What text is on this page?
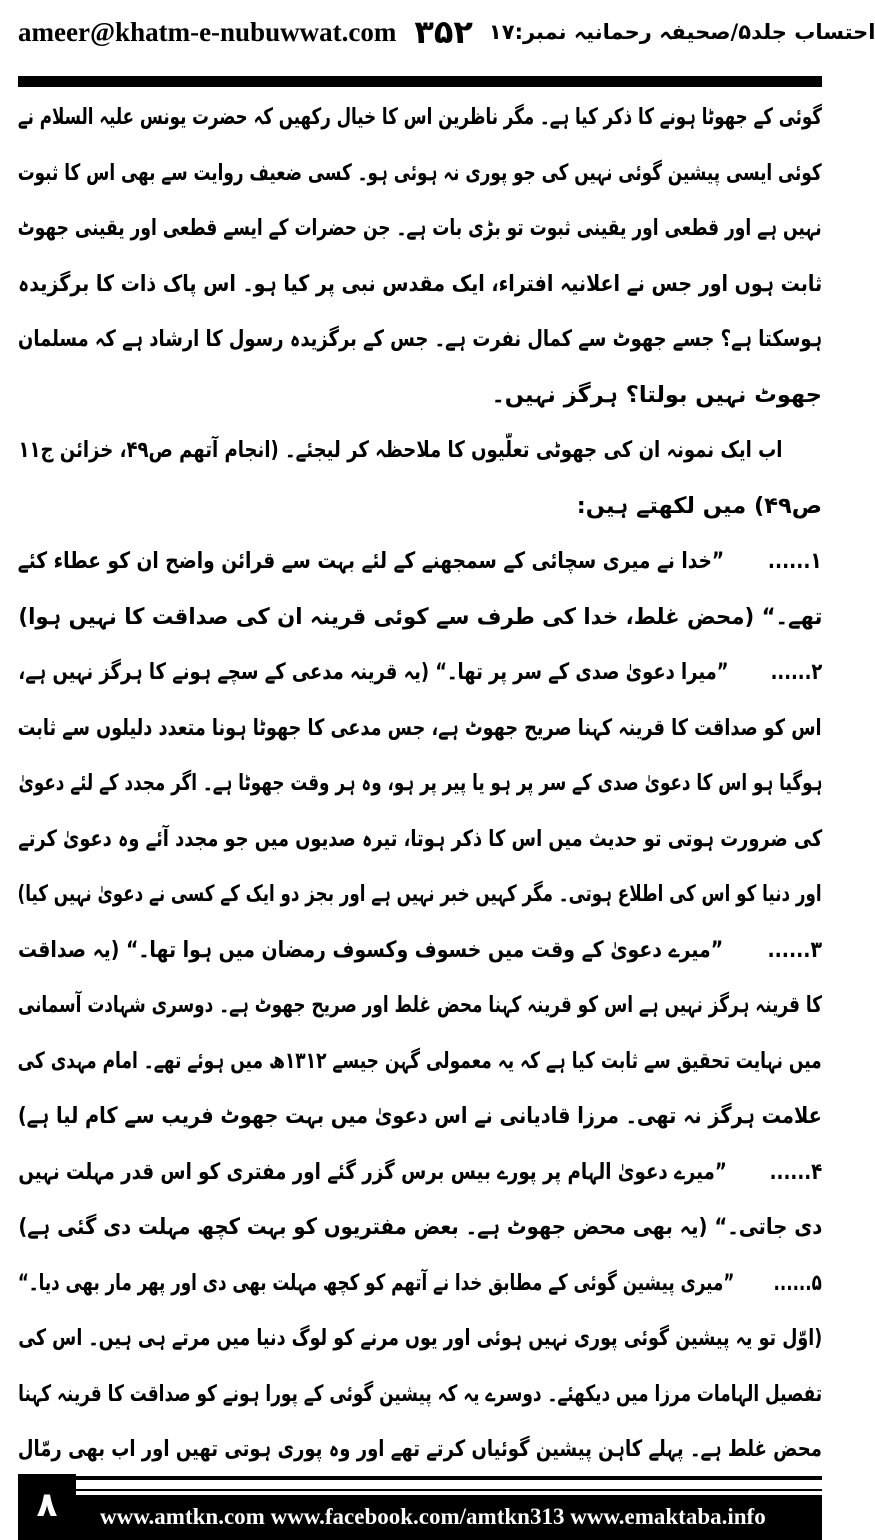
ameer@khatm-e-nubuwwat.com ۳۵۲ احتساب جلد۵/صحیفہ رحمانیہ نمبر:۱۷
گوئی کے جھوٹا ہونے کا ذکر کیا ہے۔ مگر ناظرین اس کا خیال رکھیں کہ حضرت یونس علیہ السلام نے
کوئی ایسی پیشین گوئی نہیں کی جو پوری نہ ہوئی ہو۔ کسی ضعیف روایت سے بھی اس کا ثبوت
نہیں ہے اور قطعی اور یقینی ثبوت تو بڑی بات ہے۔ جن حضرات کے ایسے قطعی اور یقینی جھوٹ
ثابت ہوں اور جس نے اعلانیہ افتراء، ایک مقدس نبی پر کیا ہو۔ اس پاک ذات کا برگزیدہ
ہوسکتا ہے؟ جسے جھوٹ سے کمال نفرت ہے۔ جس کے برگزیدہ رسول کا ارشاد ہے کہ مسلمان
جھوٹ نہیں بولتا؟ ہرگز نہیں۔
اب ایک نمونہ ان کی جھوٹی تعلّیوں کا ملاحظہ کر لیجئے۔ (انجام آتھم ص۴۹، خزائن ج۱۱
ص۴۹) میں لکھتے ہیں:
۱...... ”خدا نے میری سچائی کے سمجھنے کے لئے بہت سے قرائن واضح ان کو عطاء کئے
تھے۔“ (محض غلط، خدا کی طرف سے کوئی قرینہ ان کی صداقت کا نہیں ہوا)
۲...... ”میرا دعویٰ صدی کے سر پر تھا۔“ (یہ قرینہ مدعی کے سچے ہونے کا ہرگز نہیں ہے،
اس کو صداقت کا قرینہ کہنا صریح جھوٹ ہے، جس مدعی کا جھوٹا ہونا متعدد دلیلوں سے ثابت
ہوگیا ہو اس کا دعویٰ صدی کے سر پر ہو یا پیر پر ہو، وہ ہر وقت جھوٹا ہے۔ اگر مجدد کے لئے دعویٰ
کی ضرورت ہوتی تو حدیث میں اس کا ذکر ہوتا، تیرہ صدیوں میں جو مجدد آئے وہ دعویٰ کرتے
اور دنیا کو اس کی اطلاع ہوتی۔ مگر کہیں خبر نہیں ہے اور بجز دو ایک کے کسی نے دعویٰ نہیں کیا)
۳...... ”میرے دعویٰ کے وقت میں خسوف وکسوف رمضان میں ہوا تھا۔“ (یہ صداقت
کا قرینہ ہرگز نہیں ہے اس کو قرینہ کہنا محض غلط اور صریح جھوٹ ہے۔ دوسری شہادت آسمانی
میں نہایت تحقیق سے ثابت کیا ہے کہ یہ معمولی گہن جیسے ۱۳۱۲ھ میں ہوئے تھے۔ امام مہدی کی
علامت ہرگز نہ تھی۔ مرزا قادیانی نے اس دعویٰ میں بہت جھوٹ فریب سے کام لیا ہے)
۴...... ”میرے دعویٰ الہام پر پورے بیس برس گزر گئے اور مفتری کو اس قدر مہلت نہیں
دی جاتی۔“ (یہ بھی محض جھوٹ ہے۔ بعض مفتریوں کو بہت کچھ مہلت دی گئی ہے)
۵...... ”میری پیشین گوئی کے مطابق خدا نے آتھم کو کچھ مہلت بھی دی اور پھر مار بھی دیا۔“
(اوّل تو یہ پیشین گوئی پوری نہیں ہوئی اور یوں مرنے کو لوگ دنیا میں مرتے ہی ہیں۔ اس کی
تفصیل الہامات مرزا میں دیکھئے۔ دوسرے یہ کہ پیشین گوئی کے پورا ہونے کو صداقت کا قرینہ کہنا
محض غلط ہے۔ پہلے کاہن پیشین گوئیاں کرتے تھے اور وہ پوری ہوتی تھیں اور اب بھی رمّال
۸	www.amtkn.com www.facebook.com/amtkn313 www.emaktaba.info
